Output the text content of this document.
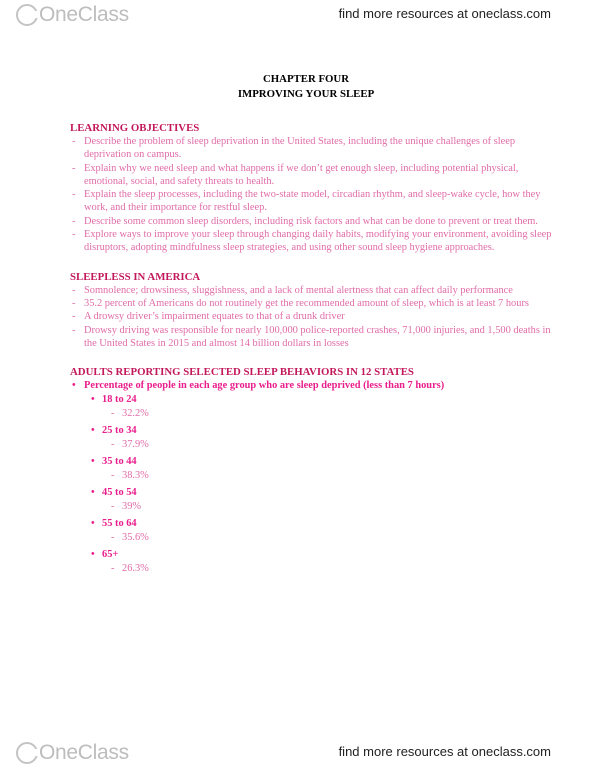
OneClass	find more resources at oneclass.com
CHAPTER FOUR
IMPROVING YOUR SLEEP
LEARNING OBJECTIVES
- Describe the problem of sleep deprivation in the United States, including the unique challenges of sleep deprivation on campus.
- Explain why we need sleep and what happens if we don’t get enough sleep, including potential physical, emotional, social, and safety threats to health.
- Explain the sleep processes, including the two-state model, circadian rhythm, and sleep-wake cycle, how they work, and their importance for restful sleep.
- Describe some common sleep disorders, including risk factors and what can be done to prevent or treat them.
- Explore ways to improve your sleep through changing daily habits, modifying your environment, avoiding sleep disruptors, adopting mindfulness sleep strategies, and using other sound sleep hygiene approaches.
SLEEPLESS IN AMERICA
- Somnolence; drowsiness, sluggishness, and a lack of mental alertness that can affect daily performance
- 35.2 percent of Americans do not routinely get the recommended amount of sleep, which is at least 7 hours
- A drowsy driver’s impairment equates to that of a drunk driver
- Drowsy driving was responsible for nearly 100,000 police-reported crashes, 71,000 injuries, and 1,500 deaths in the United States in 2015 and almost 14 billion dollars in losses
ADULTS REPORTING SELECTED SLEEP BEHAVIORS IN 12 STATES
• Percentage of people in each age group who are sleep deprived (less than 7 hours)
• 18 to 24
- 32.2%
• 25 to 34
- 37.9%
• 35 to 44
- 38.3%
• 45 to 54
- 39%
• 55 to 64
- 35.6%
• 65+
- 26.3%
OneClass	find more resources at oneclass.com
